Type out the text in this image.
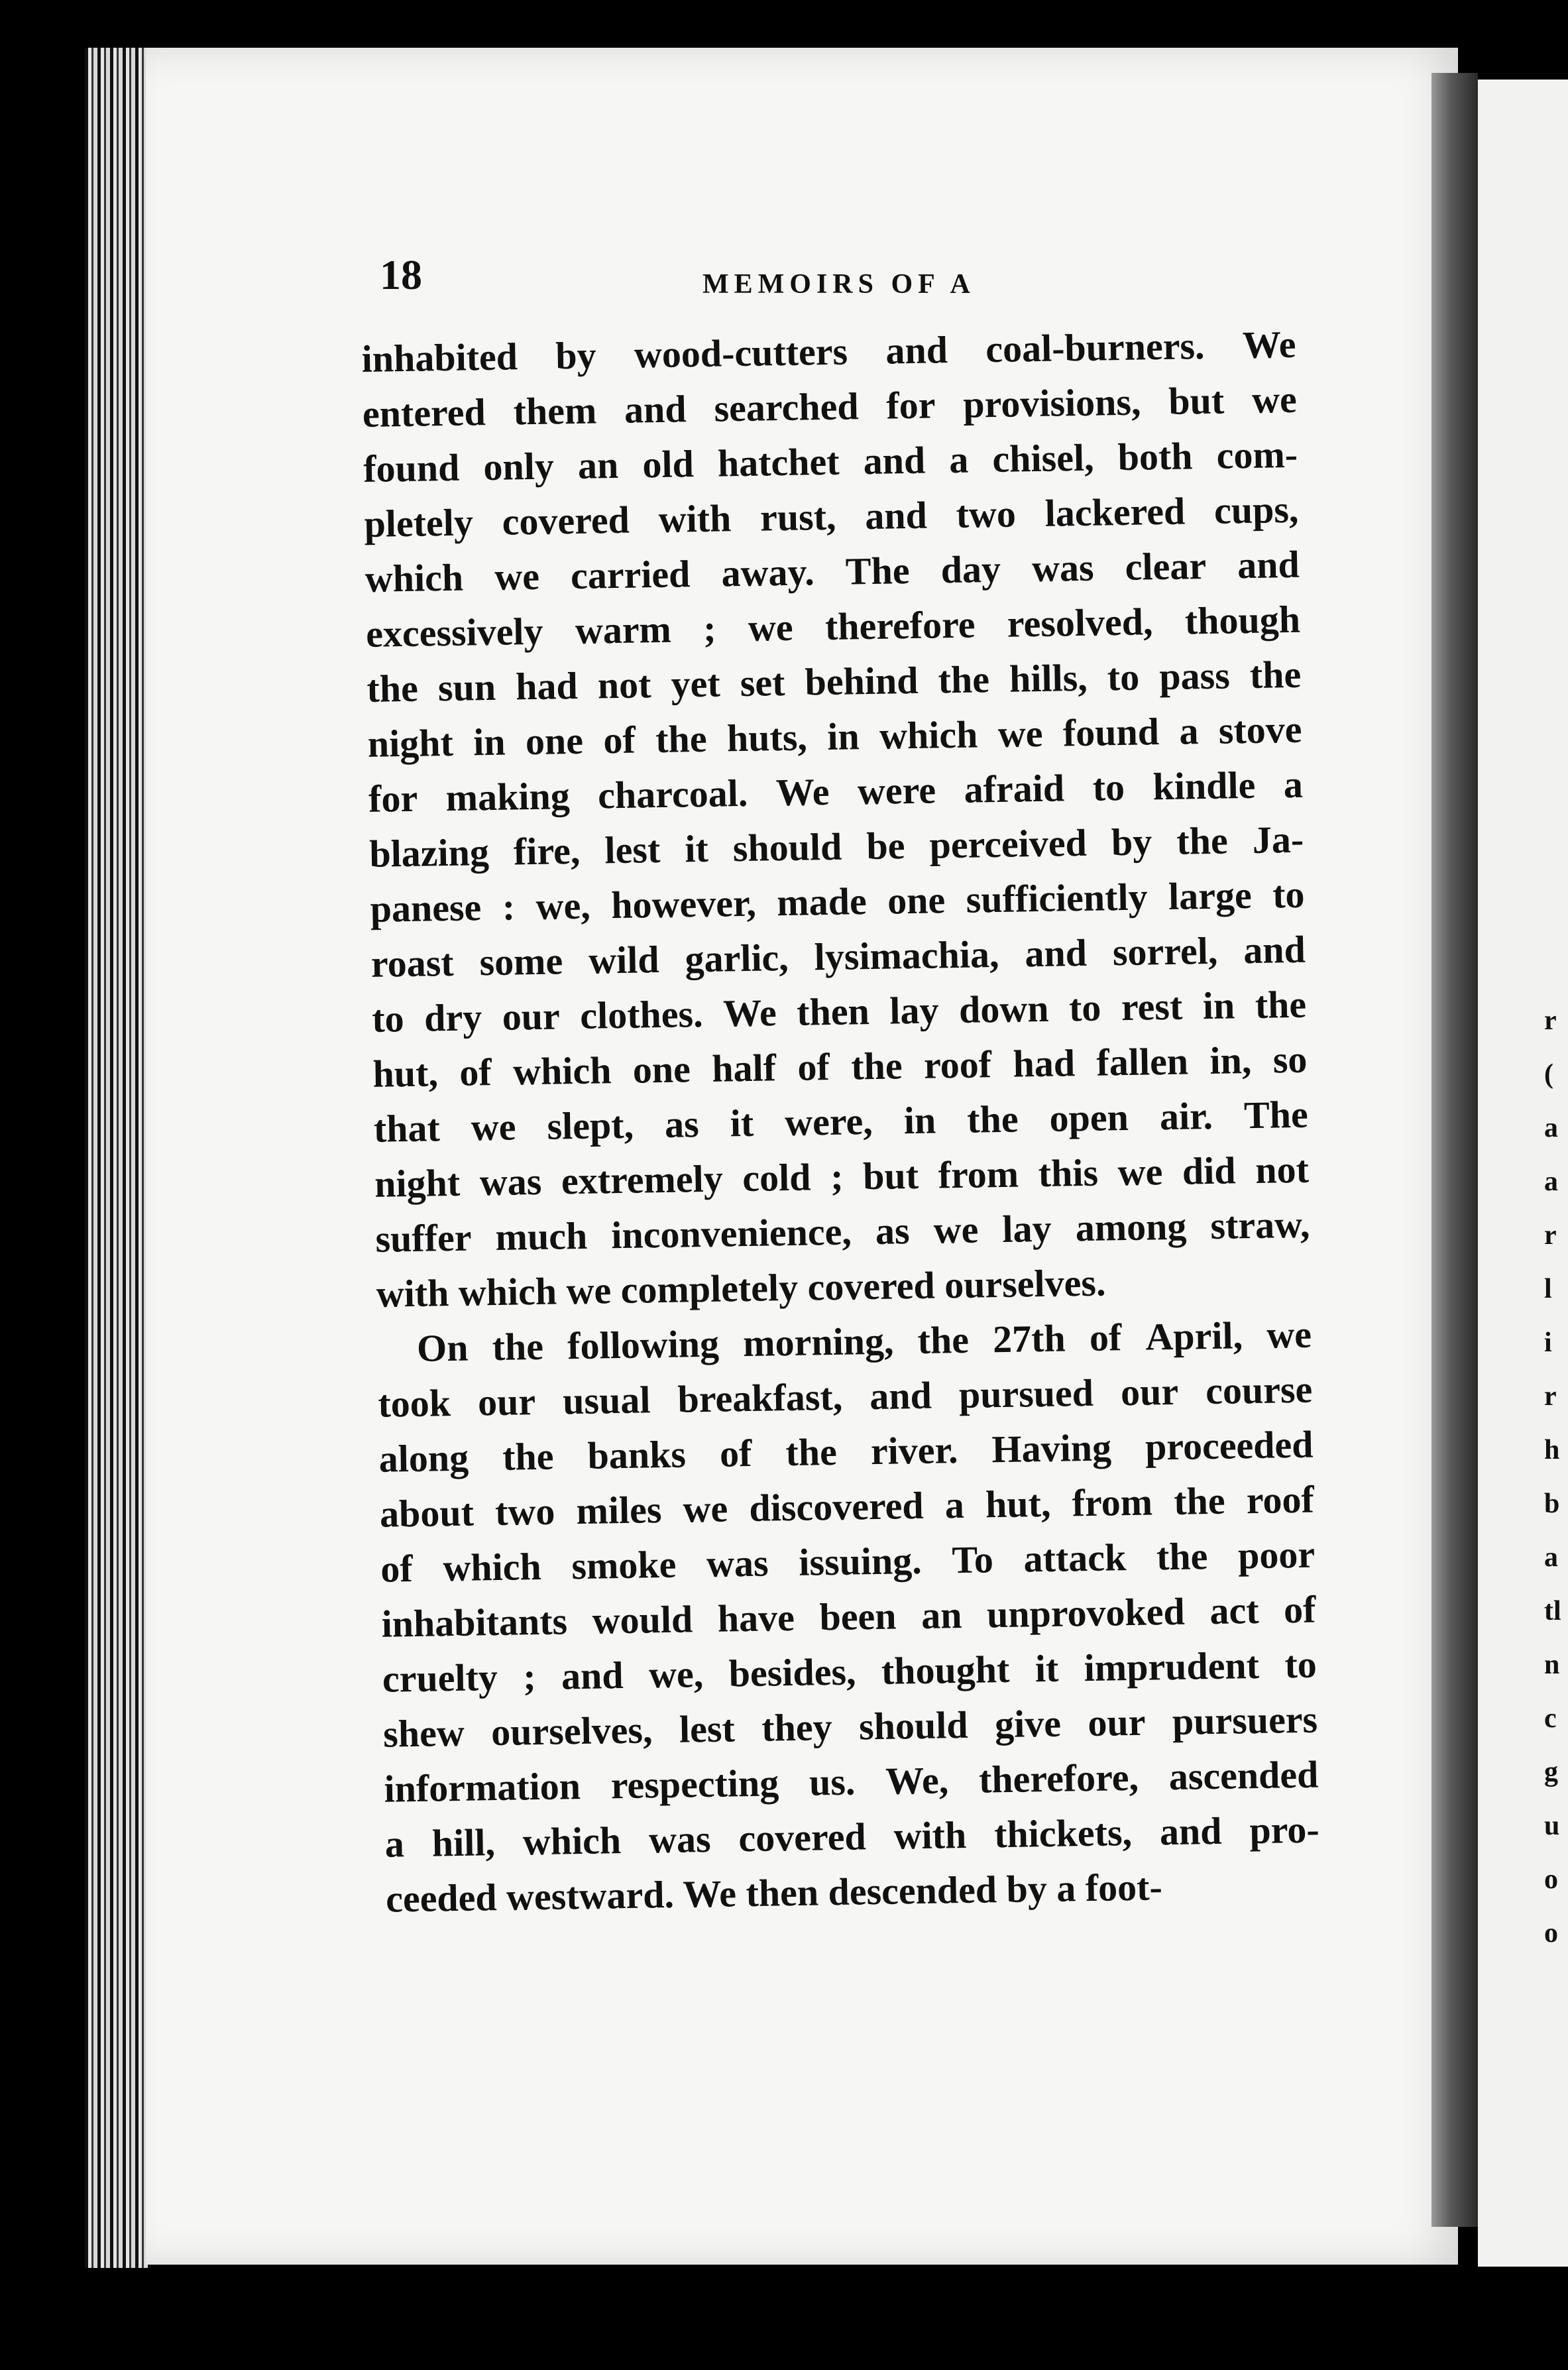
r
(
a
a
r
l
i
r
h
b
a
tl
n
c
g
u
o
o
18	MEMOIRS OF A
inhabited by wood-cutters and coal-burners. We
entered them and searched for provisions, but we
found only an old hatchet and a chisel, both com-
pletely covered with rust, and two lackered cups,
which we carried away. The day was clear and
excessively warm ; we therefore resolved, though
the sun had not yet set behind the hills, to pass the
night in one of the huts, in which we found a stove
for making charcoal. We were afraid to kindle a
blazing fire, lest it should be perceived by the Ja-
panese : we, however, made one sufficiently large to
roast some wild garlic, lysimachia, and sorrel, and
to dry our clothes. We then lay down to rest in the
hut, of which one half of the roof had fallen in, so
that we slept, as it were, in the open air. The
night was extremely cold ; but from this we did not
suffer much inconvenience, as we lay among straw,
with which we completely covered ourselves.
On the following morning, the 27th of April, we
took our usual breakfast, and pursued our course
along the banks of the river. Having proceeded
about two miles we discovered a hut, from the roof
of which smoke was issuing. To attack the poor
inhabitants would have been an unprovoked act of
cruelty ; and we, besides, thought it imprudent to
shew ourselves, lest they should give our pursuers
information respecting us. We, therefore, ascended
a hill, which was covered with thickets, and pro-
ceeded westward. We then descended by a foot-
